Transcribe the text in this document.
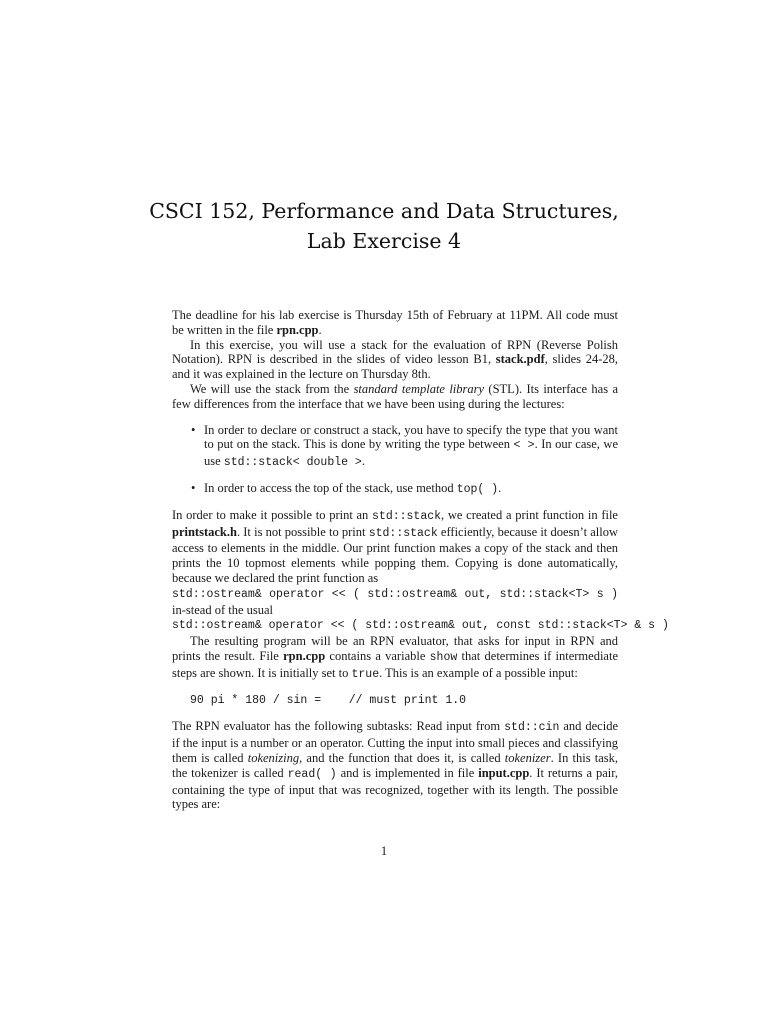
CSCI 152, Performance and Data Structures,
Lab Exercise 4

The deadline for his lab exercise is Thursday 15th of February at 11PM. All code must be written in the file rpn.cpp.

In this exercise, you will use a stack for the evaluation of RPN (Reverse Polish Notation). RPN is described in the slides of video lesson B1, stack.pdf, slides 24-28, and it was explained in the lecture on Thursday 8th.

We will use the stack from the standard template library (STL). Its interface has a few differences from the interface that we have been using during the lectures:

• In order to declare or construct a stack, you have to specify the type that you want to put on the stack. This is done by writing the type between < >. In our case, we use std::stack< double >.
• In order to access the top of the stack, use method top( ).

In order to make it possible to print an std::stack, we created a print function in file printstack.h. It is not possible to print std::stack efficiently, because it doesn’t allow access to elements in the middle. Our print function makes a copy of the stack and then prints the 10 topmost elements while popping them. Copying is done automatically, because we declared the print function as
std::ostream& operator << ( std::ostream& out, std::stack<T> s ) in-stead of the usual
std::ostream& operator << ( std::ostream& out, const std::stack<T> & s )

The resulting program will be an RPN evaluator, that asks for input in RPN and prints the result. File rpn.cpp contains a variable show that determines if intermediate steps are shown. It is initially set to true. This is an example of a possible input:

90 pi * 180 / sin =    // must print 1.0

The RPN evaluator has the following subtasks: Read input from std::cin and decide if the input is a number or an operator. Cutting the input into small pieces and classifying them is called tokenizing, and the function that does it, is called tokenizer. In this task, the tokenizer is called read( ) and is implemented in file input.cpp. It returns a pair, containing the type of input that was recognized, together with its length. The possible types are:

1
